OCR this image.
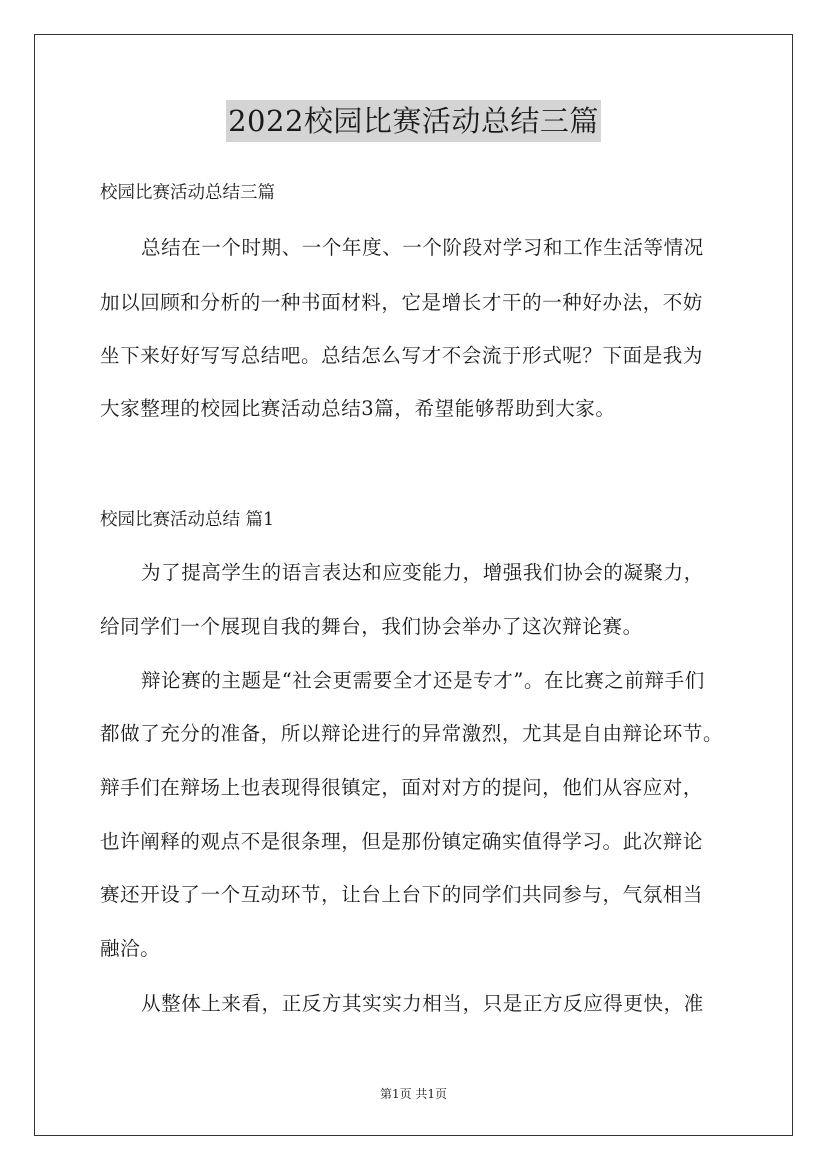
2022校园比赛活动总结三篇
校园比赛活动总结三篇
总结在一个时期、一个年度、一个阶段对学习和工作生活等情况
加以回顾和分析的一种书面材料，它是增长才干的一种好办法，不妨
坐下来好好写写总结吧。总结怎么写才不会流于形式呢？下面是我为
大家整理的校园比赛活动总结3篇，希望能够帮助到大家。
校园比赛活动总结 篇1
为了提高学生的语言表达和应变能力，增强我们协会的凝聚力，
给同学们一个展现自我的舞台，我们协会举办了这次辩论赛。
辩论赛的主题是“社会更需要全才还是专才”。在比赛之前辩手们
都做了充分的准备，所以辩论进行的异常激烈，尤其是自由辩论环节。
辩手们在辩场上也表现得很镇定，面对对方的提问，他们从容应对，
也许阐释的观点不是很条理，但是那份镇定确实值得学习。此次辩论
赛还开设了一个互动环节，让台上台下的同学们共同参与，气氛相当
融洽。
从整体上来看，正反方其实实力相当，只是正方反应得更快，准
第1页 共1页
